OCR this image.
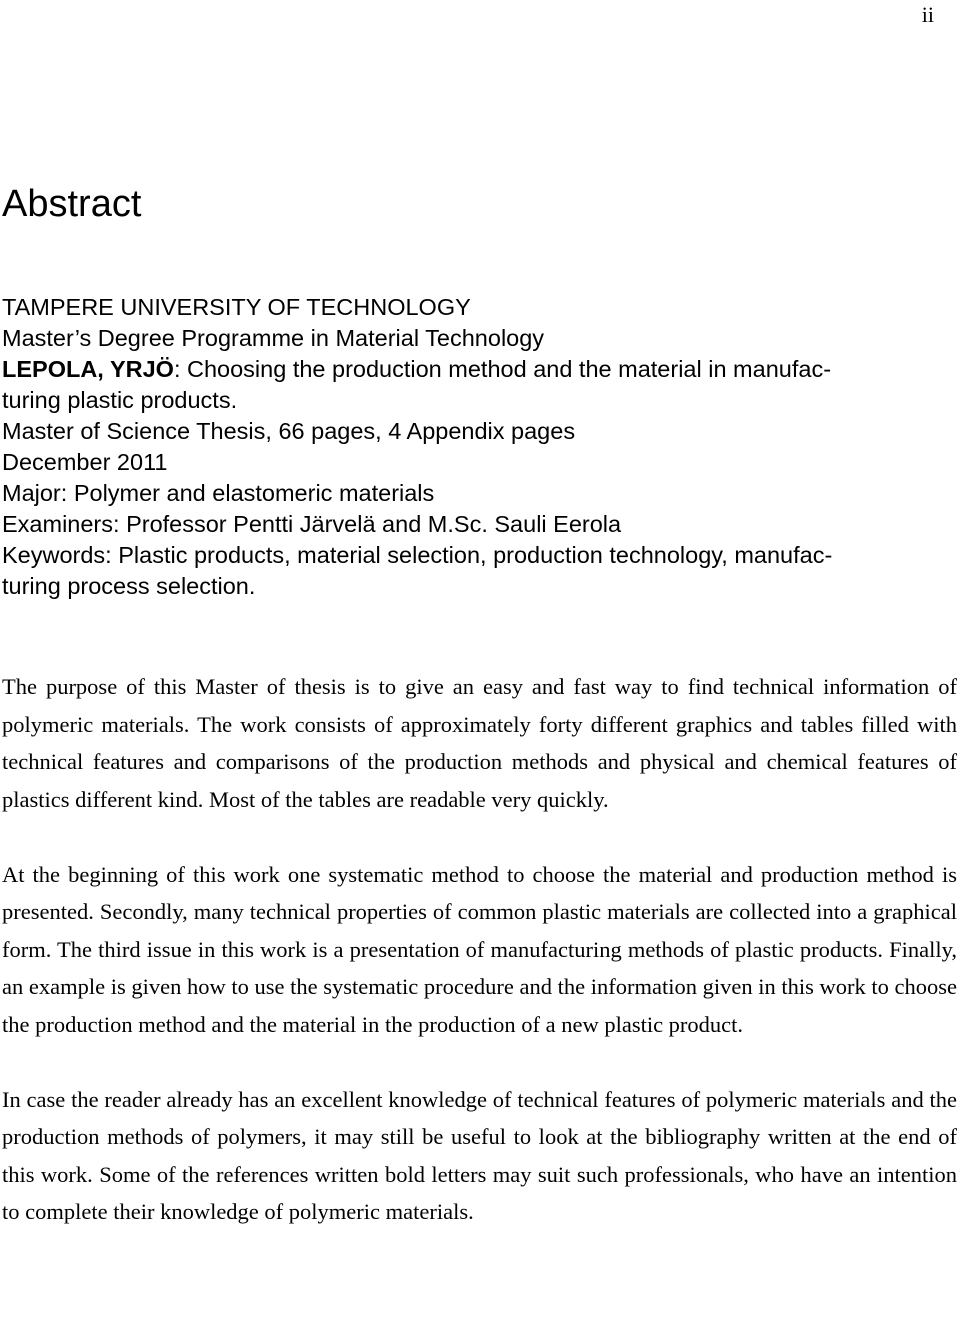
ii
Abstract
TAMPERE UNIVERSITY OF TECHNOLOGY
Master’s Degree Programme in Material Technology
LEPOLA, YRJÖ: Choosing the production method and the material in manufac-
turing plastic products.
Master of Science Thesis, 66 pages, 4 Appendix pages
December 2011
Major: Polymer and elastomeric materials
Examiners: Professor Pentti Järvelä and M.Sc. Sauli Eerola
Keywords: Plastic products, material selection, production technology, manufac-
turing process selection.

The purpose of this Master of thesis is to give an easy and fast way to find technical information of polymeric materials. The work consists of approximately forty different graphics and tables filled with technical features and comparisons of the production methods and physical and chemical features of plastics different kind. Most of the tables are readable very quickly.

At the beginning of this work one systematic method to choose the material and production method is presented. Secondly, many technical properties of common plastic materials are collected into a graphical form. The third issue in this work is a presentation of manufacturing methods of plastic products. Finally, an example is given how to use the systematic procedure and the information given in this work to choose the production method and the material in the production of a new plastic product.

In case the reader already has an excellent knowledge of technical features of polymeric materials and the production methods of polymers, it may still be useful to look at the bibliography written at the end of this work. Some of the references written bold letters may suit such professionals, who have an intention to complete their knowledge of polymeric materials.
